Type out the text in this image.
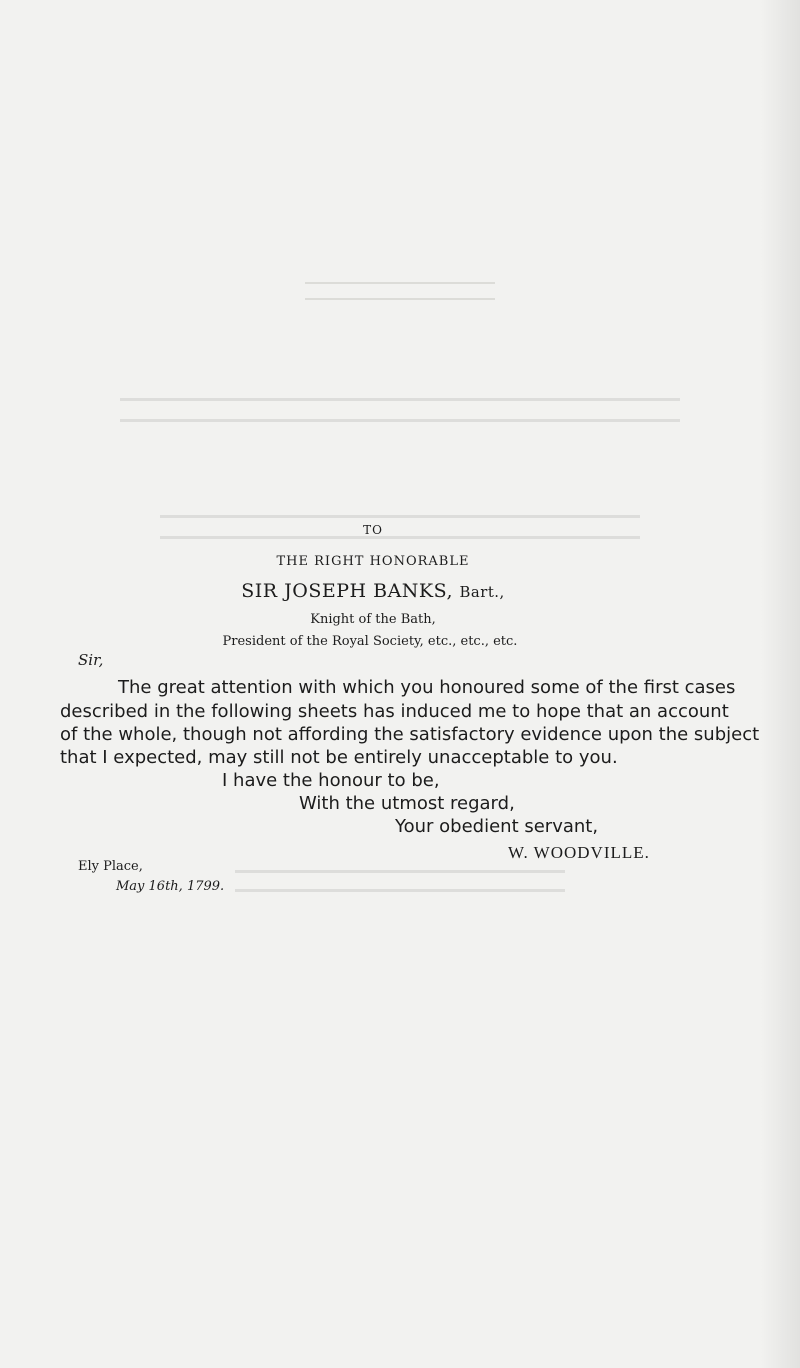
TO
THE RIGHT HONORABLE
SIR JOSEPH BANKS, Bart.,
Knight of the Bath,
President of the Royal Society, etc., etc., etc.
Sir,
The great attention with which you honoured some of the first cases
described in the following sheets has induced me to hope that an account
of the whole, though not affording the satisfactory evidence upon the subject
that I expected, may still not be entirely unacceptable to you.
I have the honour to be,
With the utmost regard,
Your obedient servant,
W. WOODVILLE.
Ely Place,
May 16th, 1799.
